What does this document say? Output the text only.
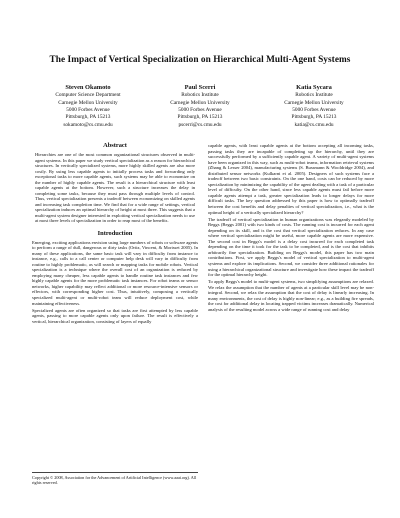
The Impact of Vertical Specialization on Hierarchical Multi-Agent Systems
Steven Okamoto
Computer Science Department
Carnegie Mellon University
5000 Forbes Avenue
Pittsburgh, PA 15213
sokamoto@cs.cmu.edu
Paul Scerri
Robotics Institute
Carnegie Mellon University
5000 Forbes Avenue
Pittsburgh, PA 15213
pscerri@cs.cmu.edu
Katia Sycara
Robotics Institute
Carnegie Mellon University
5000 Forbes Avenue
Pittsburgh, PA 15213
katia@cs.cmu.edu
Abstract

Hierarchies are one of the most common organizational structures observed in multi-agent systems. In this paper we study vertical specialization as a reason for hierarchical structures. In vertically specialized systems, more highly skilled agents are also more costly. By using less capable agents to initially process tasks and forwarding only exceptional tasks to more capable agents, such systems may be able to economize on the number of highly capable agents. The result is a hierarchical structure with least capable agents at the bottom. However, such a structure increases the delay in completing some tasks, because they must pass through multiple levels of control. Thus, vertical specialization presents a tradeoff between economizing on skilled agents and increasing task completion time. We find that for a wide range of settings, vertical specialization induces an optimal hierarchy of height at most three. This suggests that a multi-agent system designer interested in exploiting vertical specialization needs to use at most three levels of specialization in order to reap most of the benefits.

Introduction

Emerging, exciting applications envision using large numbers of robots or software agents to perform a range of dull, dangerous or dirty tasks (Ortiz, Vincent, & Morisset 2005). In many of these applications, the same basic task will vary in difficulty from instance to instance, e.g., calls to a call center or computer help desk will vary in difficulty from routine to highly problematic, as will search or mapping tasks for mobile robots. Vertical specialization is a technique where the overall cost of an organization is reduced by employing many cheaper, less capable agents to handle routine task instances and few highly capable agents for the more problematic task instances. For robot teams or sensor networks, higher capability may reflect additional or more resource-intensive sensors or effectors, with corresponding higher cost. Thus, intuitively, composing a vertically specialized multi-agent or multi-robot team will reduce deployment cost, while maintaining effectiveness.

Specialized agents are often organized so that tasks are first attempted by less capable agents, passing to more capable agents only upon failure. The result is effectively a vertical, hierarchical organization, consisting of layers of equally

capable agents, with least capable agents at the bottom accepting all incoming tasks, passing tasks they are incapable of completing up the hierarchy, until they are successfully performed by a sufficiently capable agent. A variety of multi-agent systems have been organized in this way, such as multi-robot teams, information retrieval systems (Zhang & Lesser 2004), manufacturing systems (S. Bussmann & Wooldridge 2004), and distributed sensor networks (Kulkarni et al. 2005). Designers of such systems face a tradeoff between two basic constraints. On the one hand, costs can be reduced by more specialization by minimizing the capability of the agent dealing with a task of a particular level of difficulty. On the other hand, since less capable agents must fail before more capable agents attempt a task, greater specialization leads to longer delays for more difficult tasks. The key question addressed by this paper is how to optimally tradeoff between the cost benefits and delay penalties of vertical specialization, i.e., what is the optimal height of a vertically specialized hierarchy?

The tradeoff of vertical specialization in human organizations was elegantly modeled by Beggs (Beggs 2001) with two kinds of costs. The running cost is incurred for each agent depending on its skill, and is the cost that vertical specialization reduces. In any case where vertical specialization might be useful, more capable agents are more expensive. The second cost in Beggs's model is a delay cost incurred for each completed task depending on the time it took for the task to be completed, and is the cost that inhibits arbitrarily fine specialization. Building on Beggs's model, this paper has two main contributions. First, we apply Beggs's model of vertical specialization to multi-agent systems and explore its implications. Second, we consider three additional rationales for using a hierarchical organizational structure and investigate how these impact the tradeoff for the optimal hierarchy height.

To apply Beggs's model to multi-agent systems, two simplifying assumptions are relaxed. We relax the assumption that the number of agents at a particular skill level may be non-integral. Second, we relax the assumption that the cost of delay is linearly increasing. In many environments, the cost of delay is highly non-linear; e.g., as a building fire spreads, the cost for additional delay in locating trapped victims increases dramatically. Numerical analysis of the resulting model across a wide range of running cost and delay

Copyright © 2008, Association for the Advancement of Artificial Intelligence (www.aaai.org). All rights reserved.
